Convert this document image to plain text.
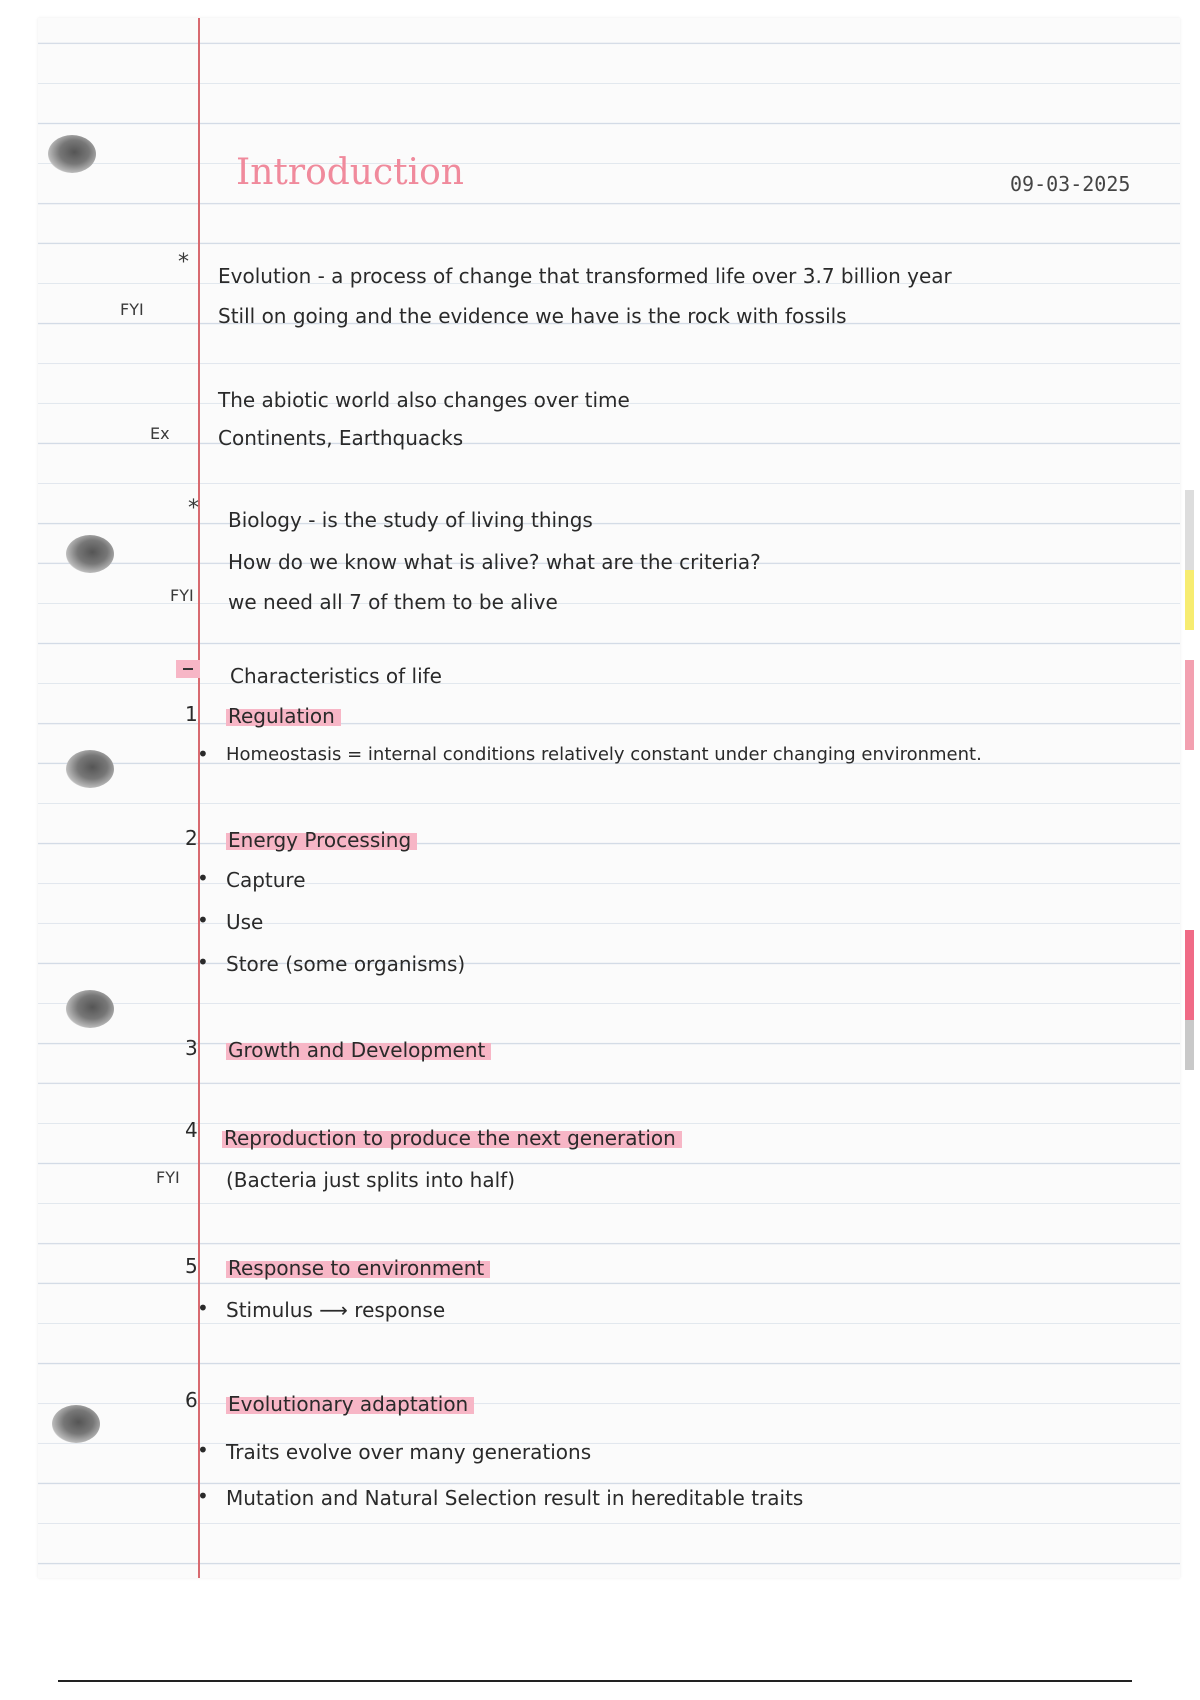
Introduction	09-03-2025
*
Evolution - a process of change that transformed life over 3.7 billion year
FYI	Still on going and the evidence we have is the rock with fossils
The abiotic world also changes over time
Ex Continents, Earthquacks
* Biology - is the study of living things
How do we know what is alive? what are the criteria?
FYI we need all 7 of them to be alive
Characteristics of life
1 Regulation
• Homeostasis = internal conditions relatively constant under changing environment.
2 Energy Processing
• Capture
• Use
• Store (some organisms)
3 Growth and Development
4 Reproduction to produce the next generation
FYI (Bacteria just splits into half)
5 Response to environment
• Stimulus ⟶ response
6 Evolutionary adaptation
• Traits evolve over many generations
• Mutation and Natural Selection result in hereditable traits
